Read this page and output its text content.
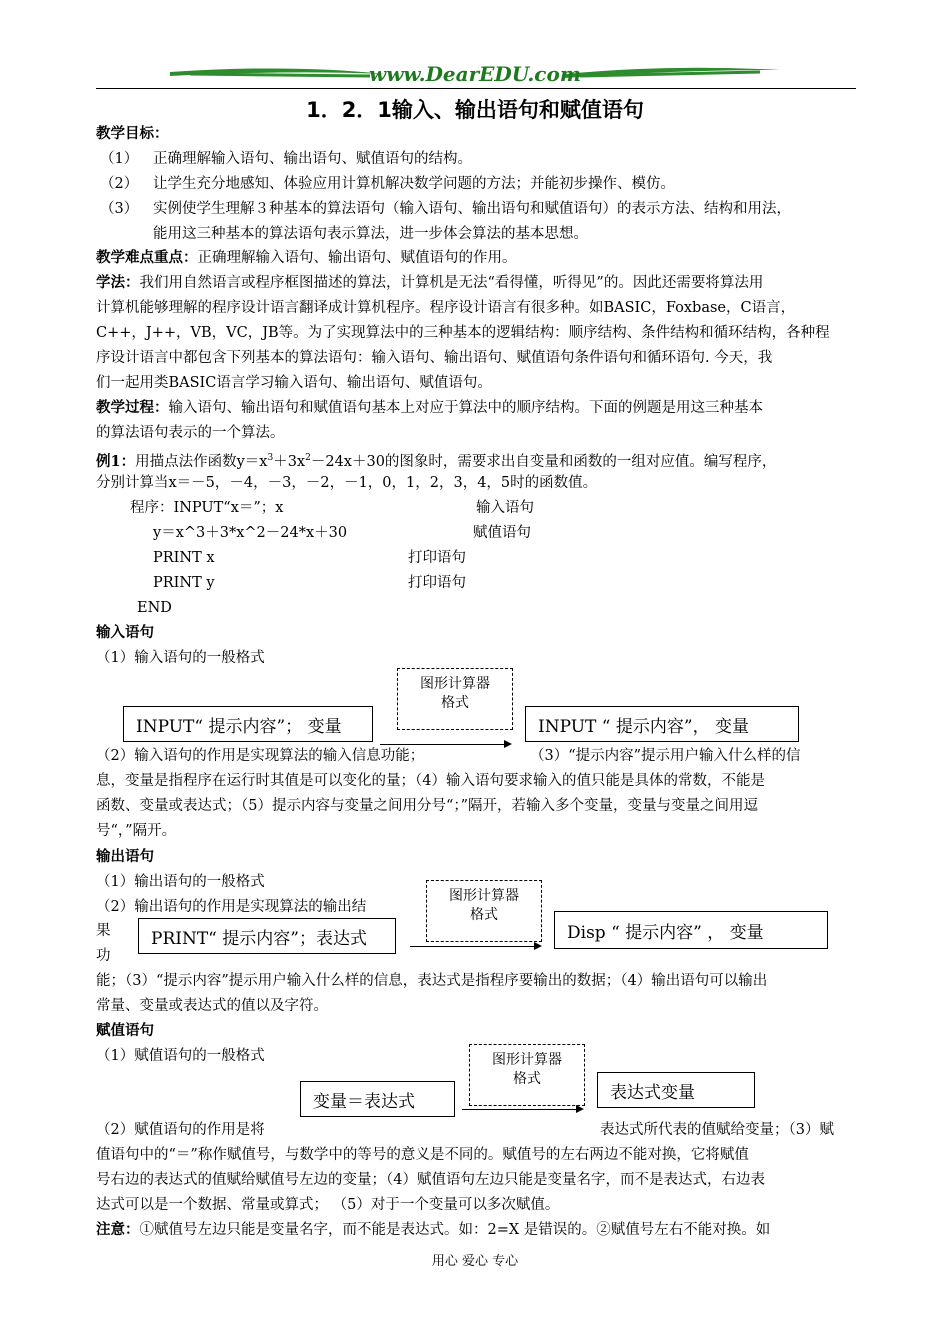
www.DearEDU.com
1．2．1输入、输出语句和赋值语句
教学目标：
（1） 正确理解输入语句、输出语句、赋值语句的结构。
（2） 让学生充分地感知、体验应用计算机解决数学问题的方法；并能初步操作、模仿。
（3） 实例使学生理解３种基本的算法语句（输入语句、输出语句和赋值语句）的表示方法、结构和用法，
能用这三种基本的算法语句表示算法，进一步体会算法的基本思想。
教学难点重点：正确理解输入语句、输出语句、赋值语句的作用。
学法：我们用自然语言或程序框图描述的算法，计算机是无法“看得懂，听得见”的。因此还需要将算法用
计算机能够理解的程序设计语言翻译成计算机程序。程序设计语言有很多种。如BASIC，Foxbase，C语言，
C++，J++，VB，VC，JB等。为了实现算法中的三种基本的逻辑结构：顺序结构、条件结构和循环结构，各种程
序设计语言中都包含下列基本的算法语句：输入语句、输出语句、赋值语句条件语句和循环语句. 今天，我
们一起用类BASIC语言学习输入语句、输出语句、赋值语句。
教学过程：输入语句、输出语句和赋值语句基本上对应于算法中的顺序结构。下面的例题是用这三种基本
的算法语句表示的一个算法。
例1：用描点法作函数$y=x^3+3x^2-24x+30$的图象时，需要求出自变量和函数的一组对应值。编写程序，
分别计算当x＝－5，－4，－3，－2，－1，0，1，2，3，4，5时的函数值。
程序：INPUT“x＝”；x	输入语句
y＝x^3＋3*x^2－24*x＋30	赋值语句
PRINT x	打印语句
PRINT y	打印语句
END
输入语句
（1）输入语句的一般格式
INPUT“ 提示内容”； 变量
图形计算器
格式
INPUT “ 提示内容”， 变量
（2）输入语句的作用是实现算法的输入信息功能；	（3）“提示内容”提示用户输入什么样的信
息，变量是指程序在运行时其值是可以变化的量；（4）输入语句要求输入的值只能是具体的常数，不能是
函数、变量或表达式；（5）提示内容与变量之间用分号“；”隔开，若输入多个变量，变量与变量之间用逗
号“，”隔开。
输出语句
（1）输出语句的一般格式
（2）输出语句的作用是实现算法的输出结
果
功
PRINT“ 提示内容”；表达式
图形计算器
格式
Disp “ 提示内容” ， 变量
能；（3）“提示内容”提示用户输入什么样的信息，表达式是指程序要输出的数据；（4）输出语句可以输出
常量、变量或表达式的值以及字符。
赋值语句
（1）赋值语句的一般格式
变量＝表达式
图形计算器
格式
表达式变量
（2）赋值语句的作用是将	表达式所代表的值赋给变量；（3）赋
值语句中的“＝”称作赋值号，与数学中的等号的意义是不同的。赋值号的左右两边不能对换，它将赋值
号右边的表达式的值赋给赋值号左边的变量；（4）赋值语句左边只能是变量名字，而不是表达式，右边表
达式可以是一个数据、常量或算式； （5）对于一个变量可以多次赋值。
注意：①赋值号左边只能是变量名字，而不能是表达式。如：2=X 是错误的。②赋值号左右不能对换。如
用心 爱心 专心
